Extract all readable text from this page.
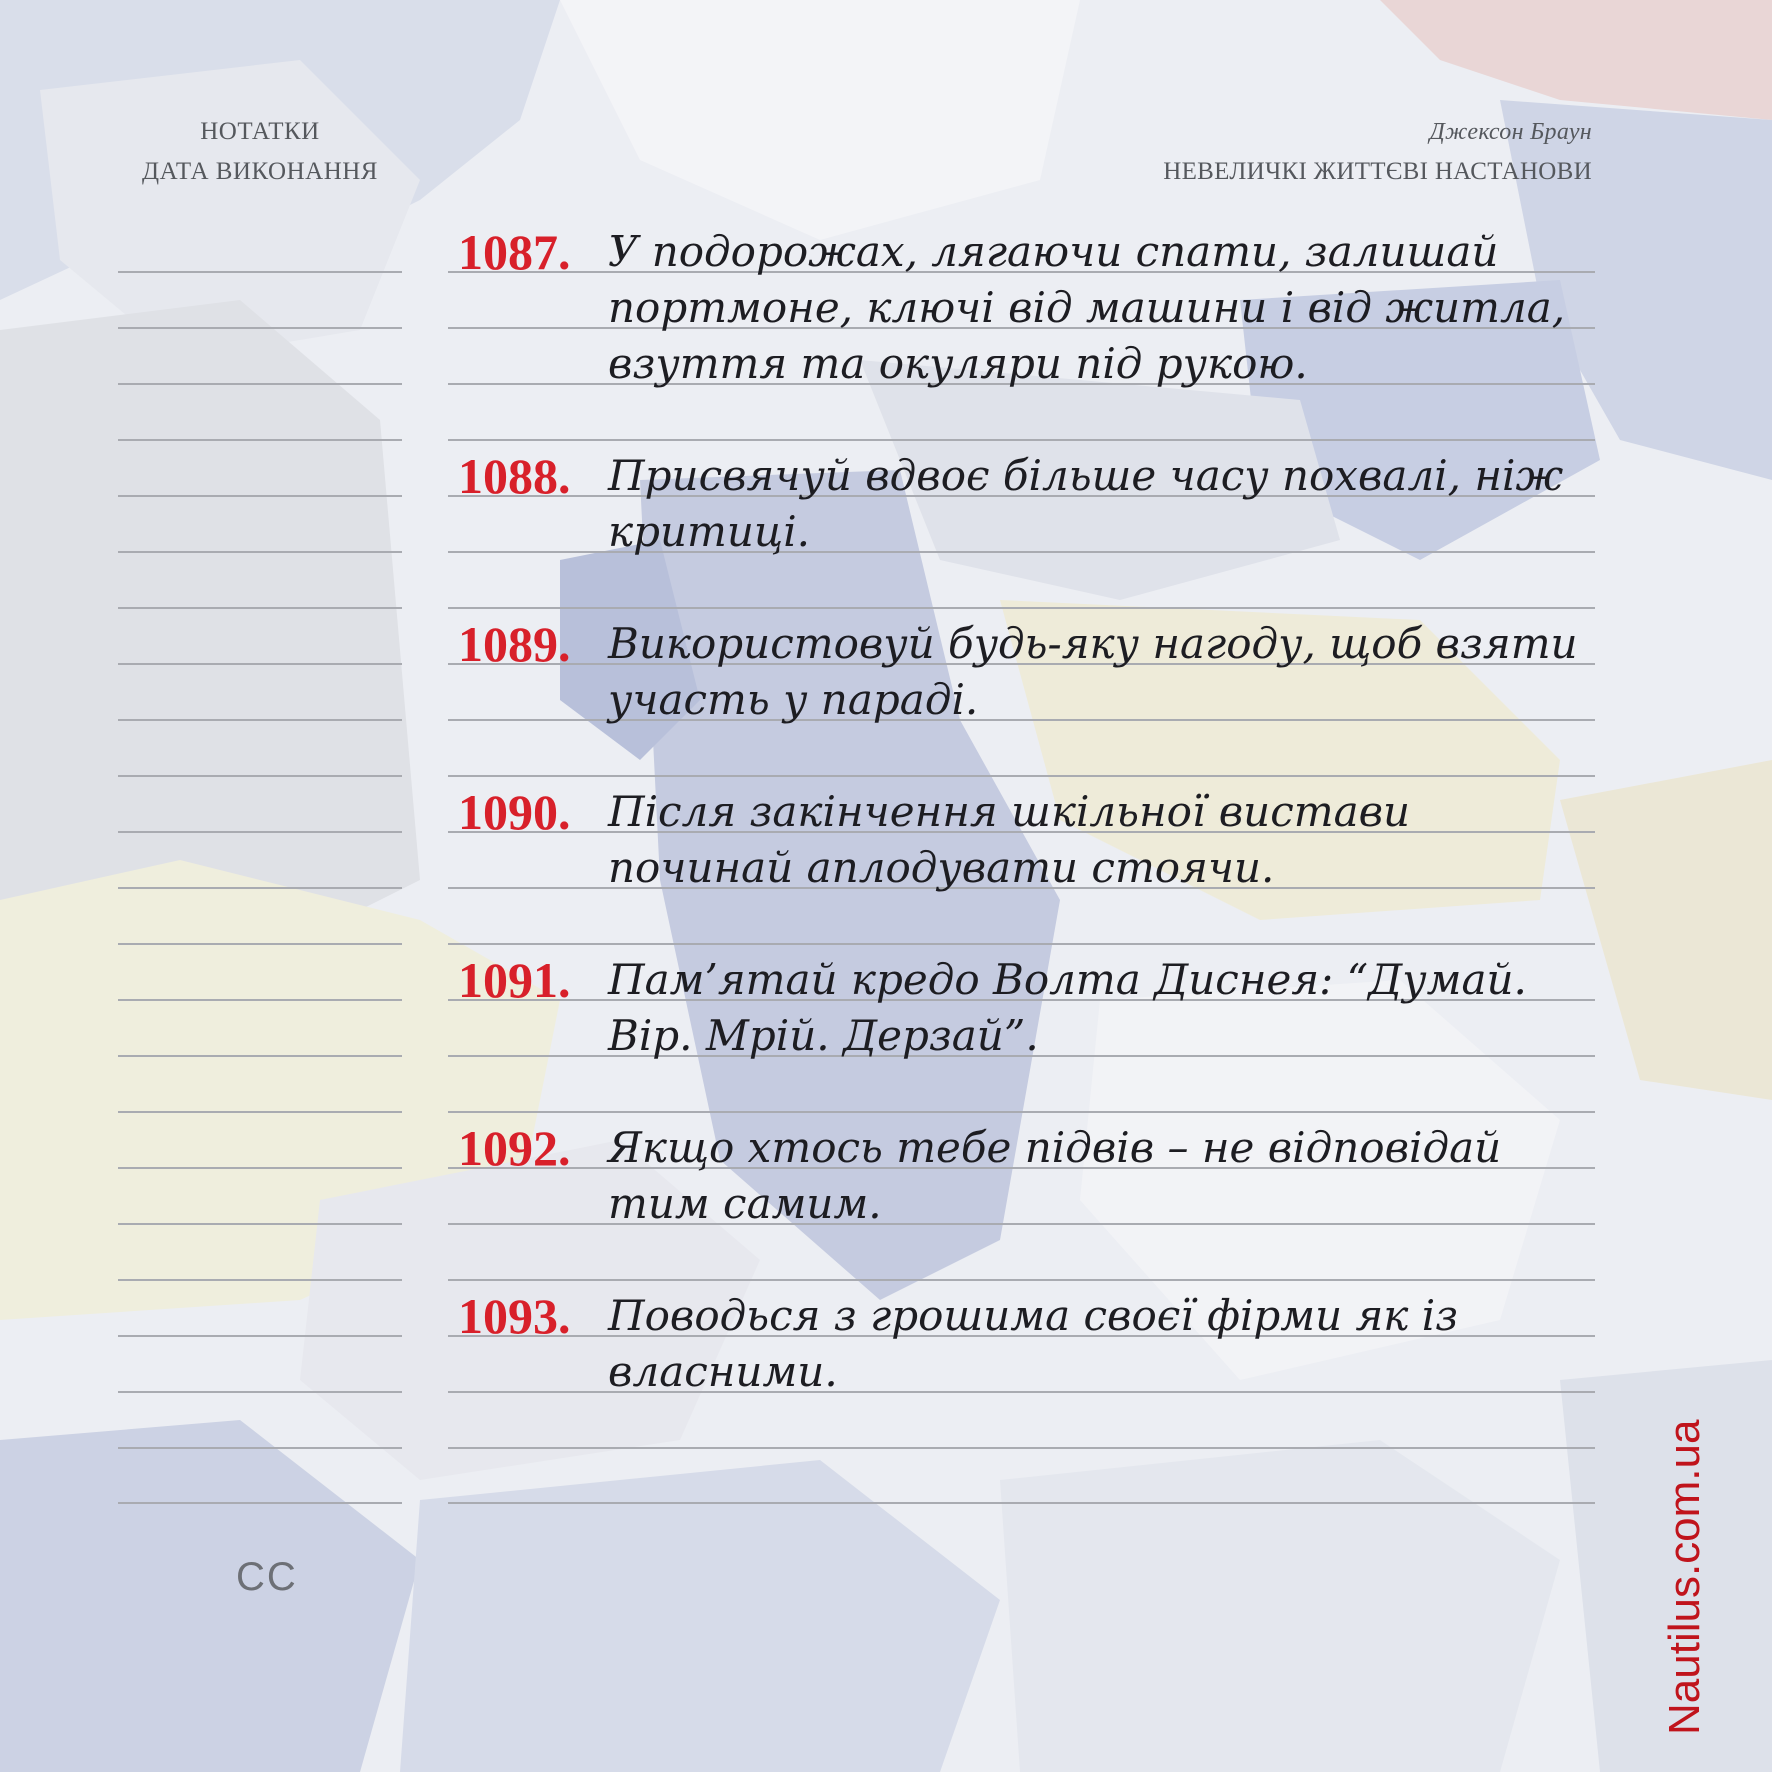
НОТАТКИ
ДАТА ВИКОНАННЯ
Джексон Браун
НЕВЕЛИЧКІ ЖИТТЄВІ НАСТАНОВИ
1087. У подорожах, лягаючи спати, залишай портмоне, ключі від машини і від житла, взуття та окуляри під рукою.
1088. Присвячуй вдвоє більше часу похвалі, ніж критиці.
1089. Використовуй будь-яку нагоду, щоб взяти участь у параді.
1090. Після закінчення шкільної вистави починай аплодувати стоячи.
1091. Пам’ятай кредо Волта Диснея: “Думай. Вір. Мрій. Дерзай”.
1092. Якщо хтось тебе підвів – не відповідай тим самим.
1093. Поводься з грошима своєї фірми як із власними.
CC	Nautilus.com.ua
